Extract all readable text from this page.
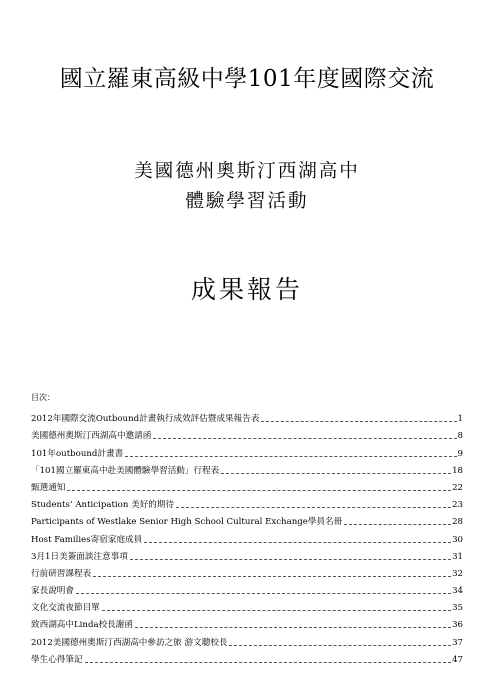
國立羅東高級中學101年度國際交流
美國德州奧斯汀西湖高中
體驗學習活動
成果報告
目次：
2012年國際交流Outbound計畫執行成效評估暨成果報告表	1
美國德州奧斯汀西湖高中邀請函	8
101年outbound計畫書	9
「101國立羅東高中赴美國體驗學習活動」行程表	18
甄選通知	22
Students’ Anticipation 美好的期待	23
Participants of Westlake Senior High School Cultural Exchange學員名冊	28
Host Families寄宿家庭成員	30
3月1日美簽面談注意事項	31
行前研習課程表	32
家長說明會	34
文化交流夜節目單	35
致西湖高中Linda校長謝函	36
2012美國德州奧斯汀西湖高中參訪之旅 游文聰校長	37
學生心得筆記	47
